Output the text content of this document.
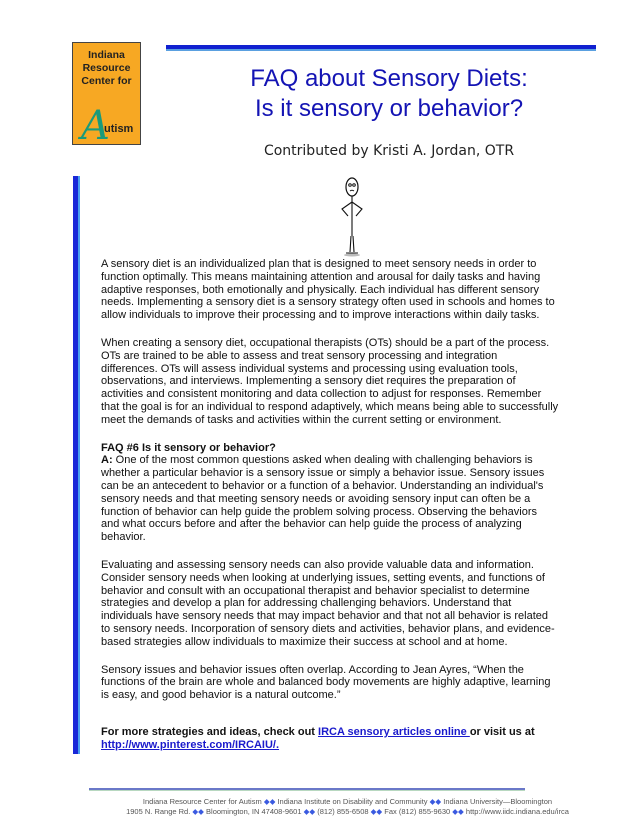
Indiana
Resource
Center for
A
utism
FAQ about Sensory Diets:
Is it sensory or behavior?
Contributed by Kristi A. Jordan, OTR

A sensory diet is an individualized plan that is designed to meet sensory needs in order to
function optimally. This means maintaining attention and arousal for daily tasks and having
adaptive responses, both emotionally and physically. Each individual has different sensory
needs. Implementing a sensory diet is a sensory strategy often used in schools and homes to
allow individuals to improve their processing and to improve interactions within daily tasks.

When creating a sensory diet, occupational therapists (OTs) should be a part of the process.
OTs are trained to be able to assess and treat sensory processing and integration
differences. OTs will assess individual systems and processing using evaluation tools,
observations, and interviews. Implementing a sensory diet requires the preparation of
activities and consistent monitoring and data collection to adjust for responses. Remember
that the goal is for an individual to respond adaptively, which means being able to successfully
meet the demands of tasks and activities within the current setting or environment.

FAQ #6 Is it sensory or behavior?
A: One of the most common questions asked when dealing with challenging behaviors is
whether a particular behavior is a sensory issue or simply a behavior issue. Sensory issues
can be an antecedent to behavior or a function of a behavior. Understanding an individual's
sensory needs and that meeting sensory needs or avoiding sensory input can often be a
function of behavior can help guide the problem solving process. Observing the behaviors
and what occurs before and after the behavior can help guide the process of analyzing
behavior.

Evaluating and assessing sensory needs can also provide valuable data and information.
Consider sensory needs when looking at underlying issues, setting events, and functions of
behavior and consult with an occupational therapist and behavior specialist to determine
strategies and develop a plan for addressing challenging behaviors. Understand that
individuals have sensory needs that may impact behavior and that not all behavior is related
to sensory needs. Incorporation of sensory diets and activities, behavior plans, and evidence-
based strategies allow individuals to maximize their success at school and at home.

Sensory issues and behavior issues often overlap. According to Jean Ayres, “When the
functions of the brain are whole and balanced body movements are highly adaptive, learning
is easy, and good behavior is a natural outcome.”

For more strategies and ideas, check out IRCA sensory articles online or visit us at
http://www.pinterest.com/IRCAIU/.
Indiana Resource Center for Autism ◆◆ Indiana Institute on Disability and Community ◆◆ Indiana University—Bloomington
1905 N. Range Rd. ◆◆ Bloomington, IN 47408-9601 ◆◆ (812) 855-6508 ◆◆ Fax (812) 855-9630 ◆◆ http://www.iidc.indiana.edu/irca
